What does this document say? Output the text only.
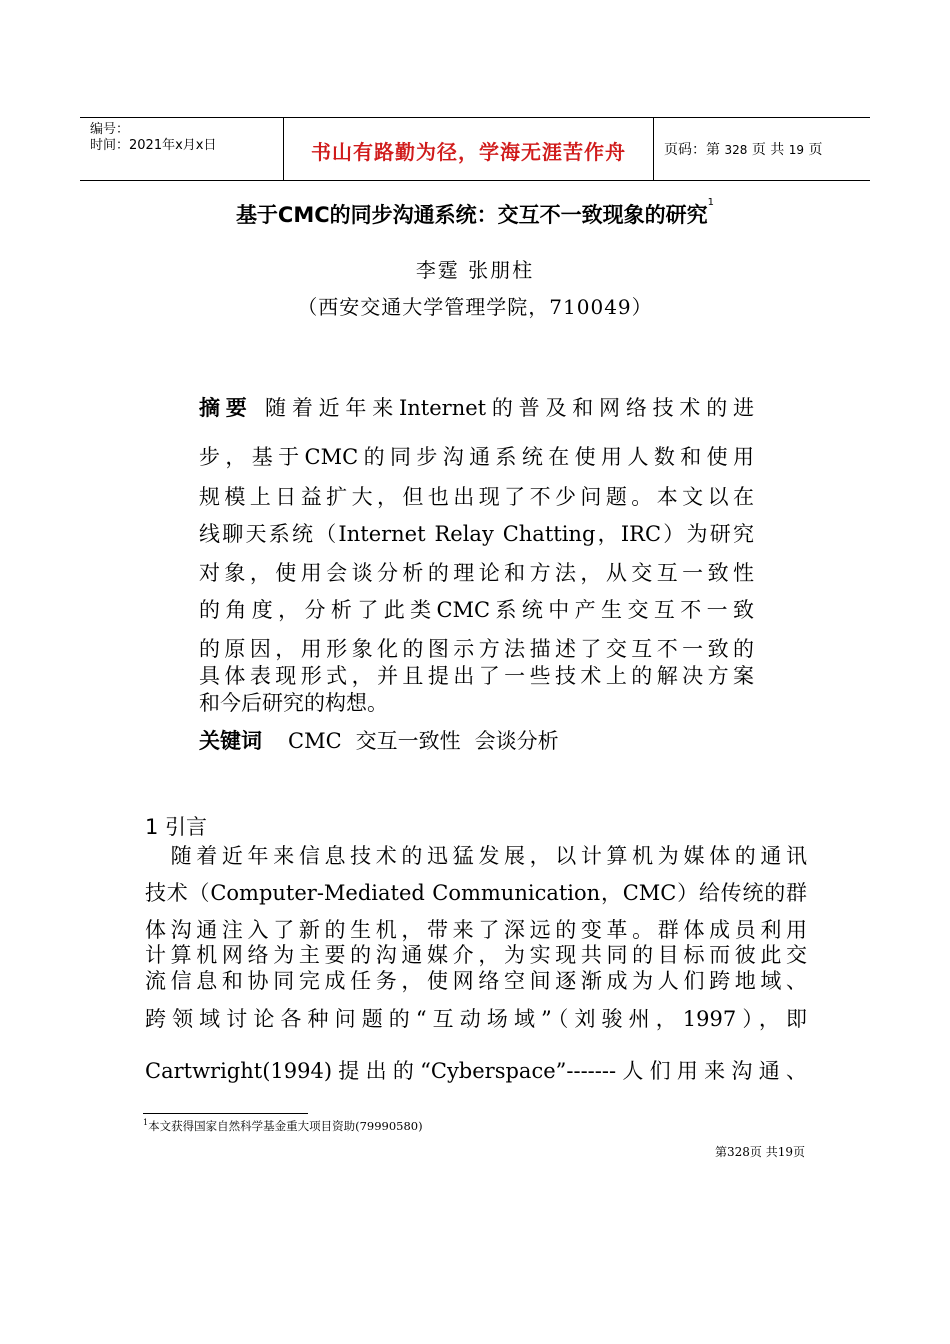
编号：
时间：2021年x月x日	书山有路勤为径，学海无涯苦作舟	页码：第 328 页 共 19 页
基于CMC的同步沟通系统：交互不一致现象的研究$^1$
李霆 张朋柱
（西安交通大学管理学院，710049）
摘要 随着近年来Internet的普及和网络技术的进
步，基于CMC的同步沟通系统在使用人数和使用
规模上日益扩大，但也出现了不少问题。本文以在
线聊天系统（Internet Relay Chatting，IRC）为研究
对象，使用会谈分析的理论和方法，从交互一致性
的角度，分析了此类CMC系统中产生交互不一致
的原因，用形象化的图示方法描述了交互不一致的
具体表现形式，并且提出了一些技术上的解决方案
和今后研究的构想。
关键词 CMC 交互一致性 会谈分析
1 引言
　随着近年来信息技术的迅猛发展，以计算机为媒体的通讯
技术（Computer-Mediated Communication，CMC）给传统的群
体沟通注入了新的生机，带来了深远的变革。群体成员利用
计算机网络为主要的沟通媒介，为实现共同的目标而彼此交
流信息和协同完成任务，使网络空间逐渐成为人们跨地域、
跨领域讨论各种问题的“互动场域”（刘骏州，1997），即
Cartwright(1994)提出的“Cyberspace”-------人们用来沟通、
$^1$本文获得国家自然科学基金重大项目资助(79990580)
第328页 共19页
